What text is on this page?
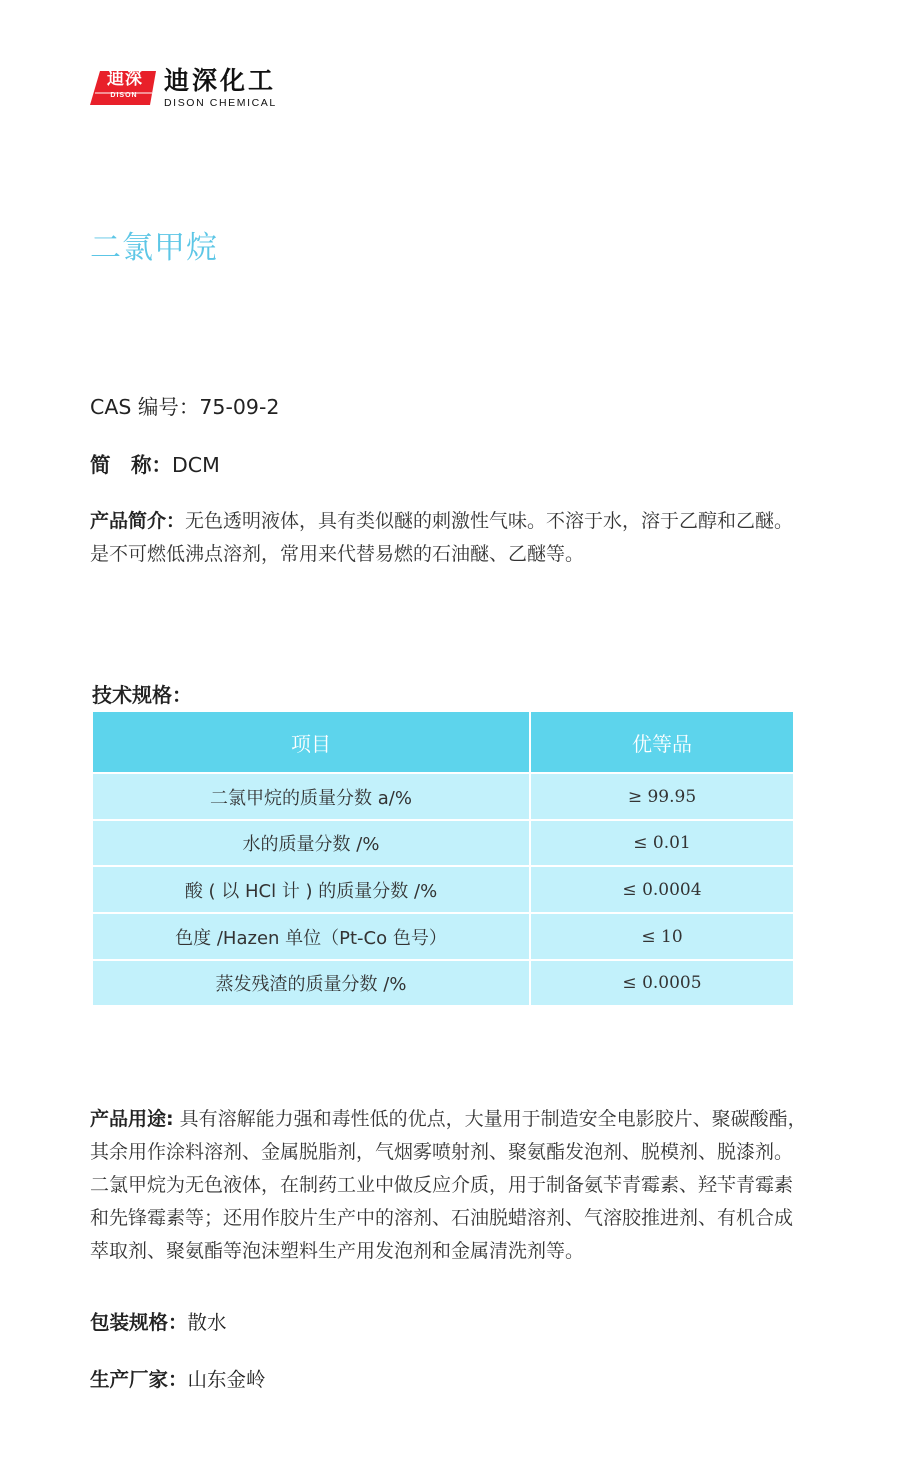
迪深
DISON
迪深化工
DISON CHEMICAL
二氯甲烷
CAS 编号：75-09-2
简　称：DCM
产品简介：无色透明液体，具有类似醚的刺激性气味。不溶于水，溶于乙醇和乙醚。是不可燃低沸点溶剂，常用来代替易燃的石油醚、乙醚等。
技术规格：
项目	优等品
二氯甲烷的质量分数 a/%	≥ 99.95
水的质量分数 /%	≤ 0.01
酸 ( 以 HCl 计 ) 的质量分数 /%	≤ 0.0004
色度 /Hazen 单位（Pt-Co 色号）	≤ 10
蒸发残渣的质量分数 /%	≤ 0.0005
产品用途: 具有溶解能力强和毒性低的优点，大量用于制造安全电影胶片、聚碳酸酯，其余用作涂料溶剂、金属脱脂剂，气烟雾喷射剂、聚氨酯发泡剂、脱模剂、脱漆剂。二氯甲烷为无色液体，在制药工业中做反应介质，用于制备氨苄青霉素、羟苄青霉素和先锋霉素等；还用作胶片生产中的溶剂、石油脱蜡溶剂、气溶胶推进剂、有机合成萃取剂、聚氨酯等泡沫塑料生产用发泡剂和金属清洗剂等。
包装规格：散水
生产厂家：山东金岭
